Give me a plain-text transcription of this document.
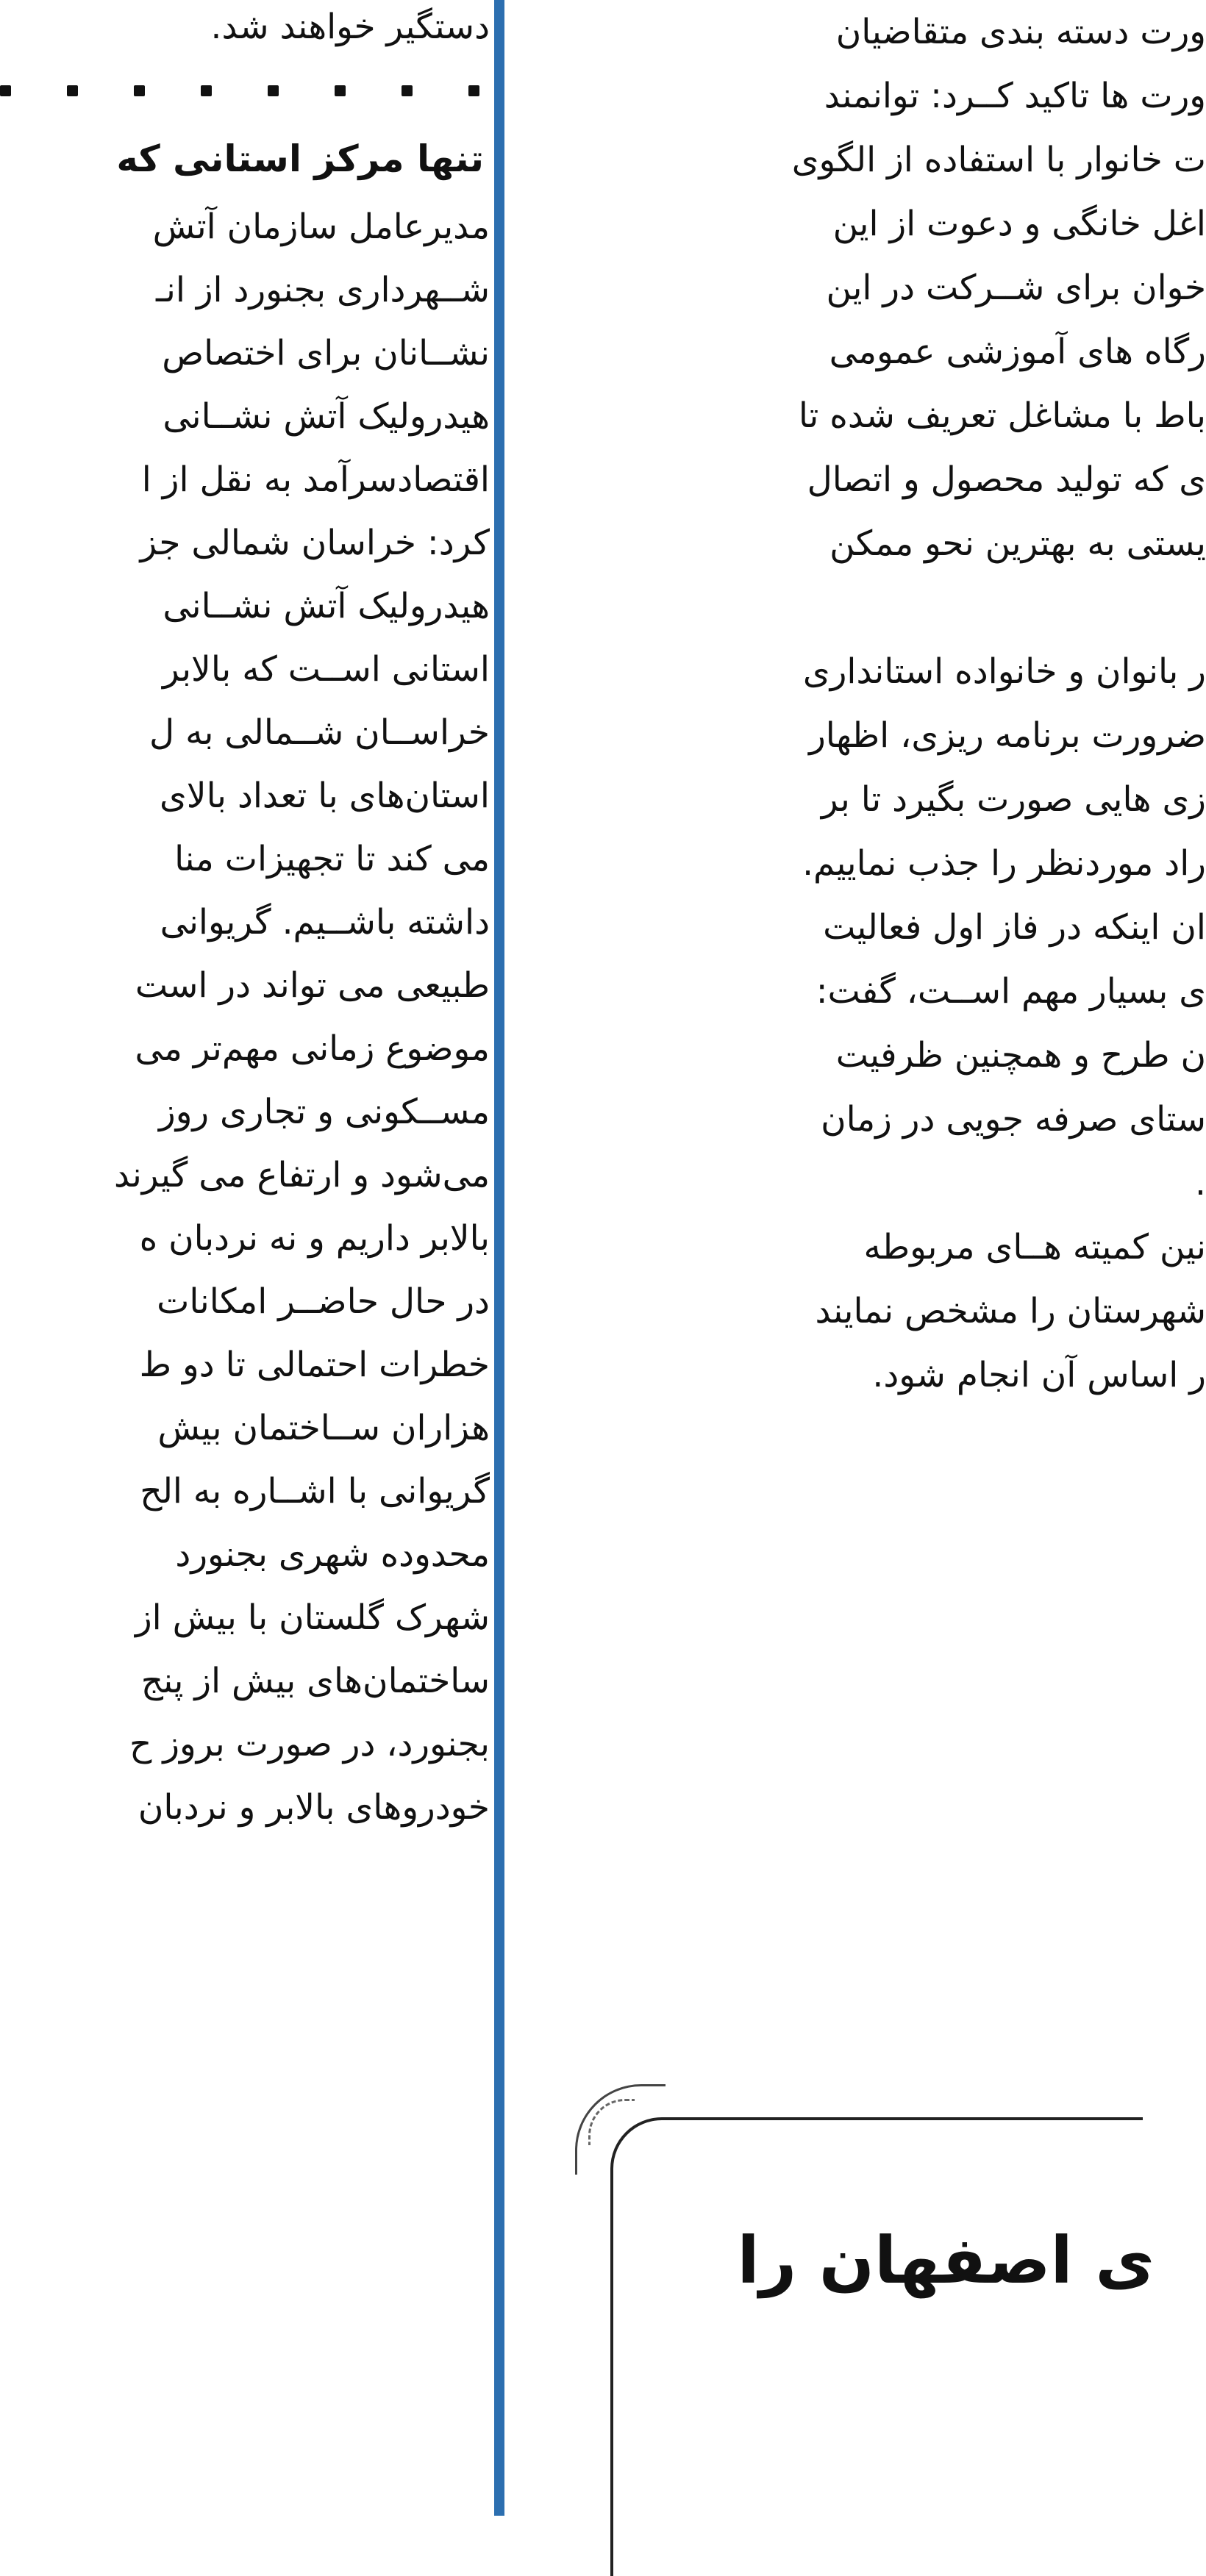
دستگیر خواهند شد.
تنها مرکز استانی که
مدیرعامل سازمان آتش
شــهرداری بجنورد از انـ
نشــانان برای اختصاص
هیدرولیک آتش نشــانی
اقتصادسرآمد به نقل از ا
کرد: خراسان شمالی جز
هیدرولیک آتش نشــانی
استانی اســت که بالابر
خراســان شــمالی به ل
استان‌های با تعداد بالای
می کند تا تجهیزات منا
داشته باشــیم. گریوانی
طبیعی می تواند در است
موضوع زمانی مهم‌تر می
مســکونی و تجاری روز
می‌شود و ارتفاع می گیرند
بالابر داریم و نه نردبان ه
در حال حاضــر امکانات
خطرات احتمالی تا دو ط
هزاران ســاختمان بیش
گریوانی با اشــاره به الح
محدوده شهری بجنورد
شهرک گلستان با بیش از
ساختمان‌های بیش از پنج
بجنورد، در صورت بروز ح
خودروهای بالابر و نردبان
ورت دسته بندی متقاضیان
ورت ها تاکید کــرد: توانمند
ت خانوار با استفاده از الگوی
اغل خانگی و دعوت از این
خوان برای شــرکت در این
رگاه های آموزشی عمومی
باط با مشاغل تعریف شده تا
ی که تولید محصول و اتصال
یستی به بهترین نحو ممکن
ر بانوان و خانواده استانداری
ضرورت برنامه ریزی، اظهار
زی هایی صورت بگیرد تا بر
راد موردنظر را جذب نماییم.
ان اینکه در فاز اول فعالیت
ی بسیار مهم اســت، گفت:
ن طرح و همچنین ظرفیت
ستای صرفه جویی در زمان
.
نین کمیته هــای مربوطه
شهرستان را مشخص نمایند
ر اساس آن انجام شود.
ی اصفهان را
